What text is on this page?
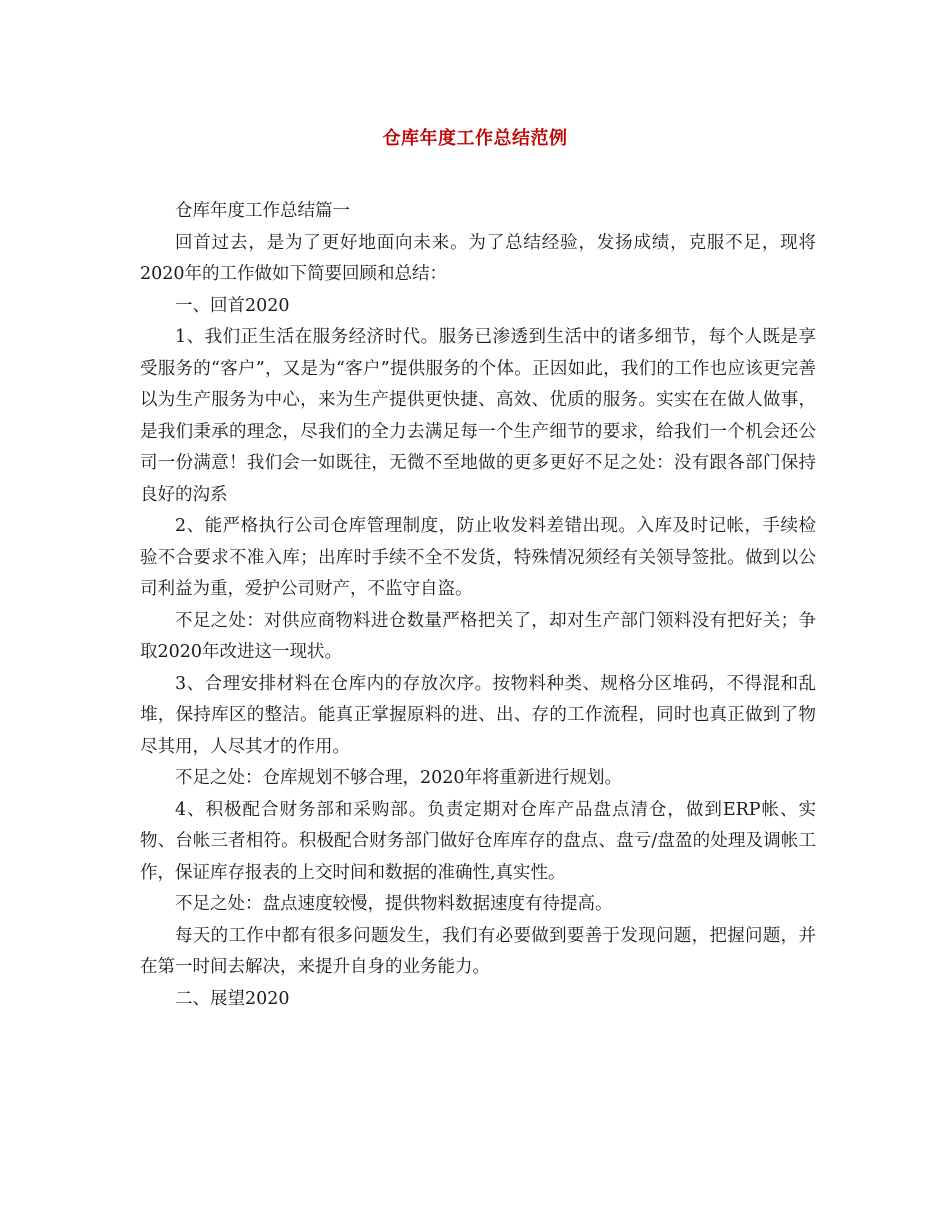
仓库年度工作总结范例

仓库年度工作总结篇一

回首过去，是为了更好地面向未来。为了总结经验，发扬成绩，克服不足，现将2020年的工作做如下简要回顾和总结：

一、回首2020

1、我们正生活在服务经济时代。服务已渗透到生活中的诸多细节，每个人既是享受服务的“客户”，又是为“客户”提供服务的个体。正因如此，我们的工作也应该更完善以为生产服务为中心，来为生产提供更快捷、高效、优质的服务。实实在在做人做事，是我们秉承的理念，尽我们的全力去满足每一个生产细节的要求，给我们一个机会还公司一份满意！我们会一如既往，无微不至地做的更多更好不足之处：没有跟各部门保持良好的沟系

2、能严格执行公司仓库管理制度，防止收发料差错出现。入库及时记帐，手续检验不合要求不准入库；出库时手续不全不发货，特殊情况须经有关领导签批。做到以公司利益为重，爱护公司财产，不监守自盗。

不足之处：对供应商物料进仓数量严格把关了，却对生产部门领料没有把好关；争取2020年改进这一现状。

3、合理安排材料在仓库内的存放次序。按物料种类、规格分区堆码，不得混和乱堆，保持库区的整洁。能真正掌握原料的进、出、存的工作流程，同时也真正做到了物尽其用，人尽其才的作用。

不足之处：仓库规划不够合理，2020年将重新进行规划。

4、积极配合财务部和采购部。负责定期对仓库产品盘点清仓，做到ERP帐、实物、台帐三者相符。积极配合财务部门做好仓库库存的盘点、盘亏/盘盈的处理及调帐工作，保证库存报表的上交时间和数据的准确性,真实性。

不足之处：盘点速度较慢，提供物料数据速度有待提高。

每天的工作中都有很多问题发生，我们有必要做到要善于发现问题，把握问题，并在第一时间去解决，来提升自身的业务能力。

二、展望2020
